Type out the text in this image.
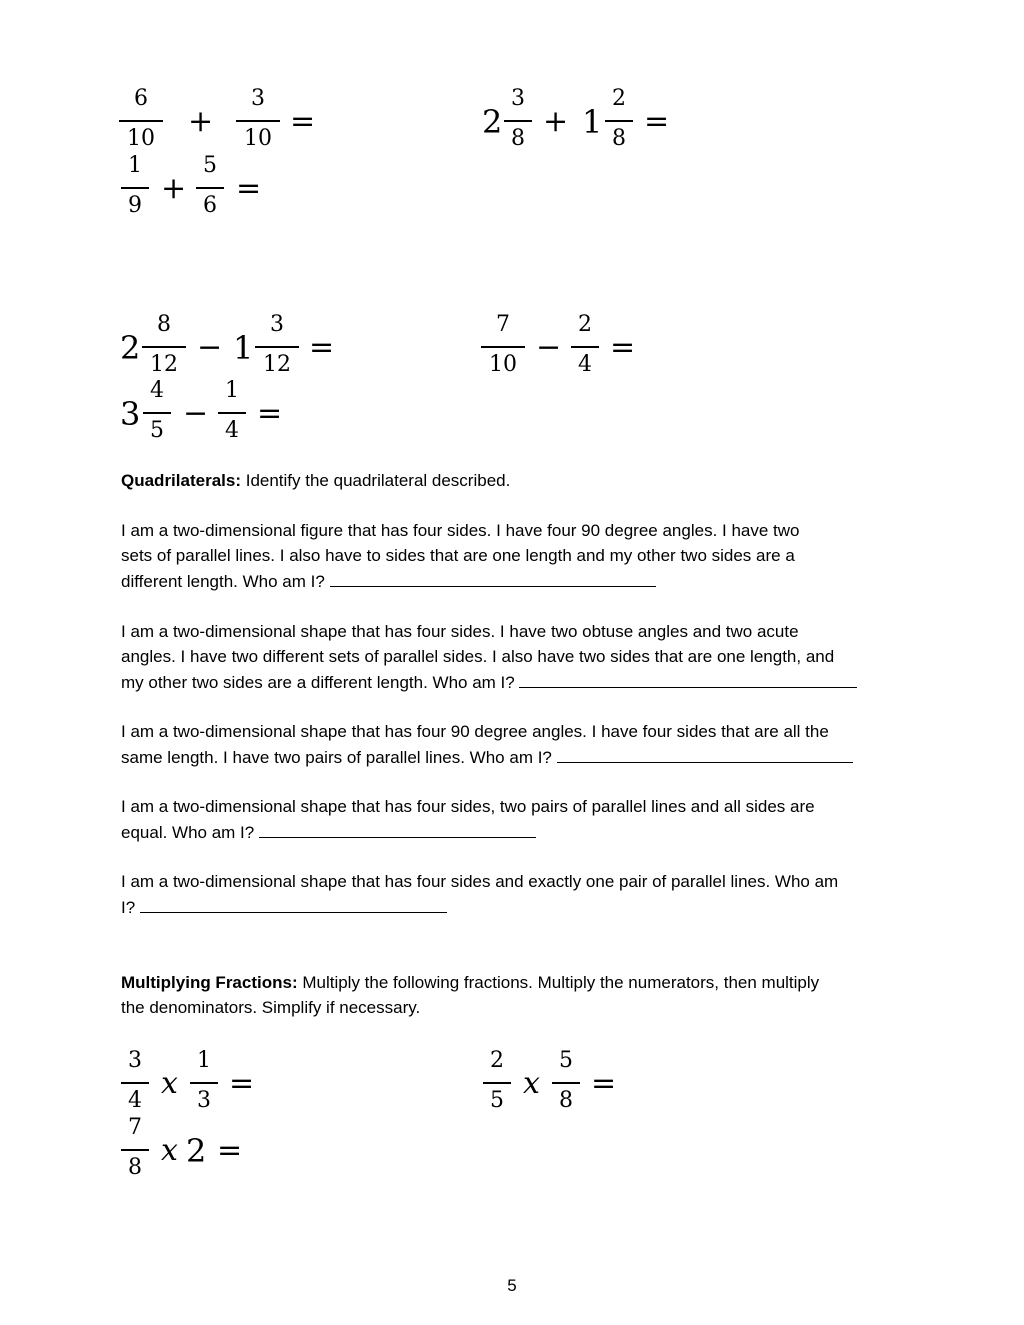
6
10 +
3
10 =	2
3
8 + 1
2
8 =
1
9 +
5
6 =
2
8
12 − 1
3
12 =
7
10 −
2
4 =
3
4
5 −
1
4 =
Quadrilaterals: Identify the quadrilateral described.
I am a two-dimensional figure that has four sides. I have four 90 degree angles. I have two
sets of parallel lines. I also have to sides that are one length and my other two sides are a
different length. Who am I?
I am a two-dimensional shape that has four sides. I have two obtuse angles and two acute
angles. I have two different sets of parallel sides. I also have two sides that are one length, and
my other two sides are a different length. Who am I?
I am a two-dimensional shape that has four 90 degree angles. I have four sides that are all the
same length. I have two pairs of parallel lines. Who am I?
I am a two-dimensional shape that has four sides, two pairs of parallel lines and all sides are
equal. Who am I?
I am a two-dimensional shape that has four sides and exactly one pair of parallel lines. Who am
I?
Multiplying Fractions: Multiply the following fractions. Multiply the numerators, then multiply
the denominators. Simplify if necessary.
3
4 x
1
3 =
2
5 x
5
8 =
7
8 x 2 =
5
